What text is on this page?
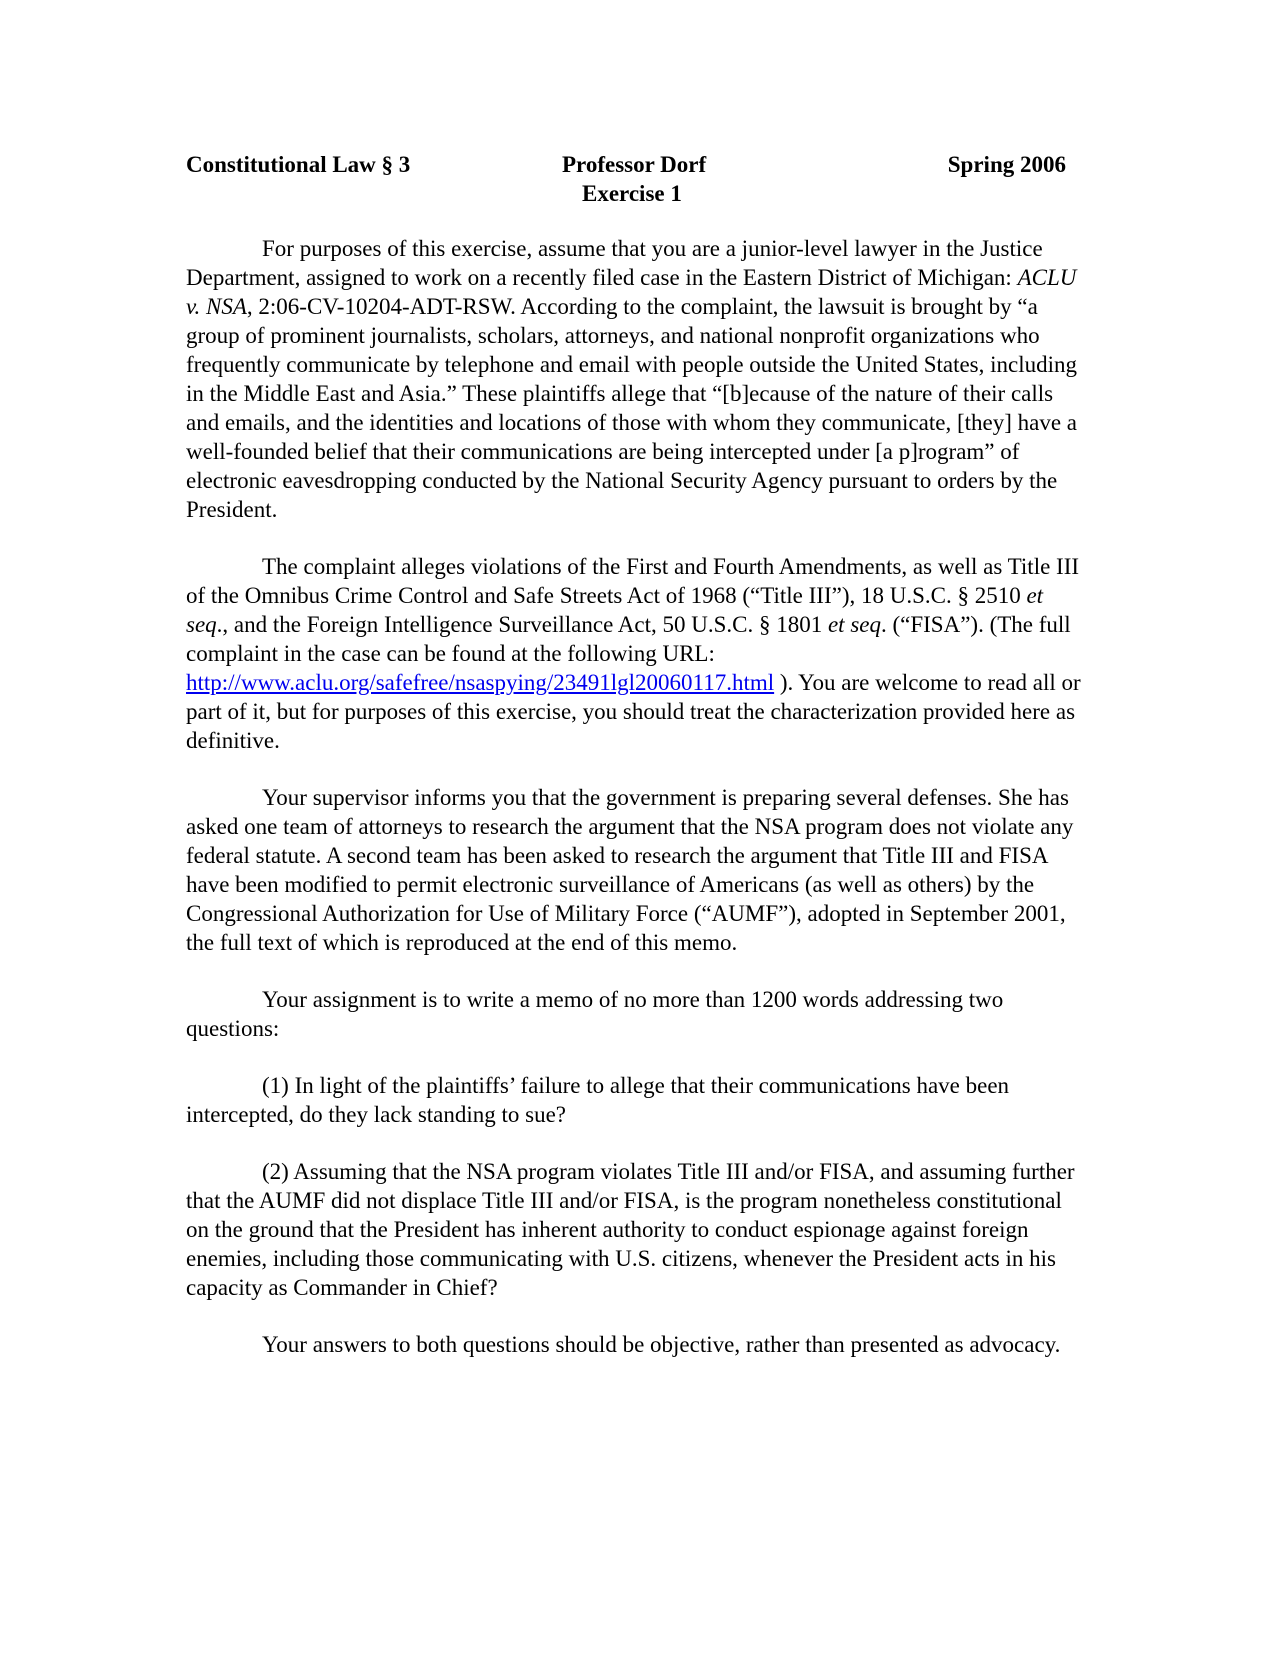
Constitutional Law § 3	Professor Dorf	Spring 2006
Exercise 1

For purposes of this exercise, assume that you are a junior-level lawyer in the Justice Department, assigned to work on a recently filed case in the Eastern District of Michigan: ACLU v. NSA, 2:06-CV-10204-ADT-RSW. According to the complaint, the lawsuit is brought by “a group of prominent journalists, scholars, attorneys, and national nonprofit organizations who frequently communicate by telephone and email with people outside the United States, including in the Middle East and Asia.” These plaintiffs allege that “[b]ecause of the nature of their calls and emails, and the identities and locations of those with whom they communicate, [they] have a well-founded belief that their communications are being intercepted under [a p]rogram” of electronic eavesdropping conducted by the National Security Agency pursuant to orders by the President.

The complaint alleges violations of the First and Fourth Amendments, as well as Title III of the Omnibus Crime Control and Safe Streets Act of 1968 (“Title III”), 18 U.S.C. § 2510 et seq., and the Foreign Intelligence Surveillance Act, 50 U.S.C. § 1801 et seq. (“FISA”). (The full complaint in the case can be found at the following URL: http://www.aclu.org/safefree/nsaspying/23491lgl20060117.html ). You are welcome to read all or part of it, but for purposes of this exercise, you should treat the characterization provided here as definitive.

Your supervisor informs you that the government is preparing several defenses. She has asked one team of attorneys to research the argument that the NSA program does not violate any federal statute. A second team has been asked to research the argument that Title III and FISA have been modified to permit electronic surveillance of Americans (as well as others) by the Congressional Authorization for Use of Military Force (“AUMF”), adopted in September 2001, the full text of which is reproduced at the end of this memo.

Your assignment is to write a memo of no more than 1200 words addressing two questions:

(1) In light of the plaintiffs’ failure to allege that their communications have been intercepted, do they lack standing to sue?

(2) Assuming that the NSA program violates Title III and/or FISA, and assuming further that the AUMF did not displace Title III and/or FISA, is the program nonetheless constitutional on the ground that the President has inherent authority to conduct espionage against foreign enemies, including those communicating with U.S. citizens, whenever the President acts in his capacity as Commander in Chief?

Your answers to both questions should be objective, rather than presented as advocacy.
